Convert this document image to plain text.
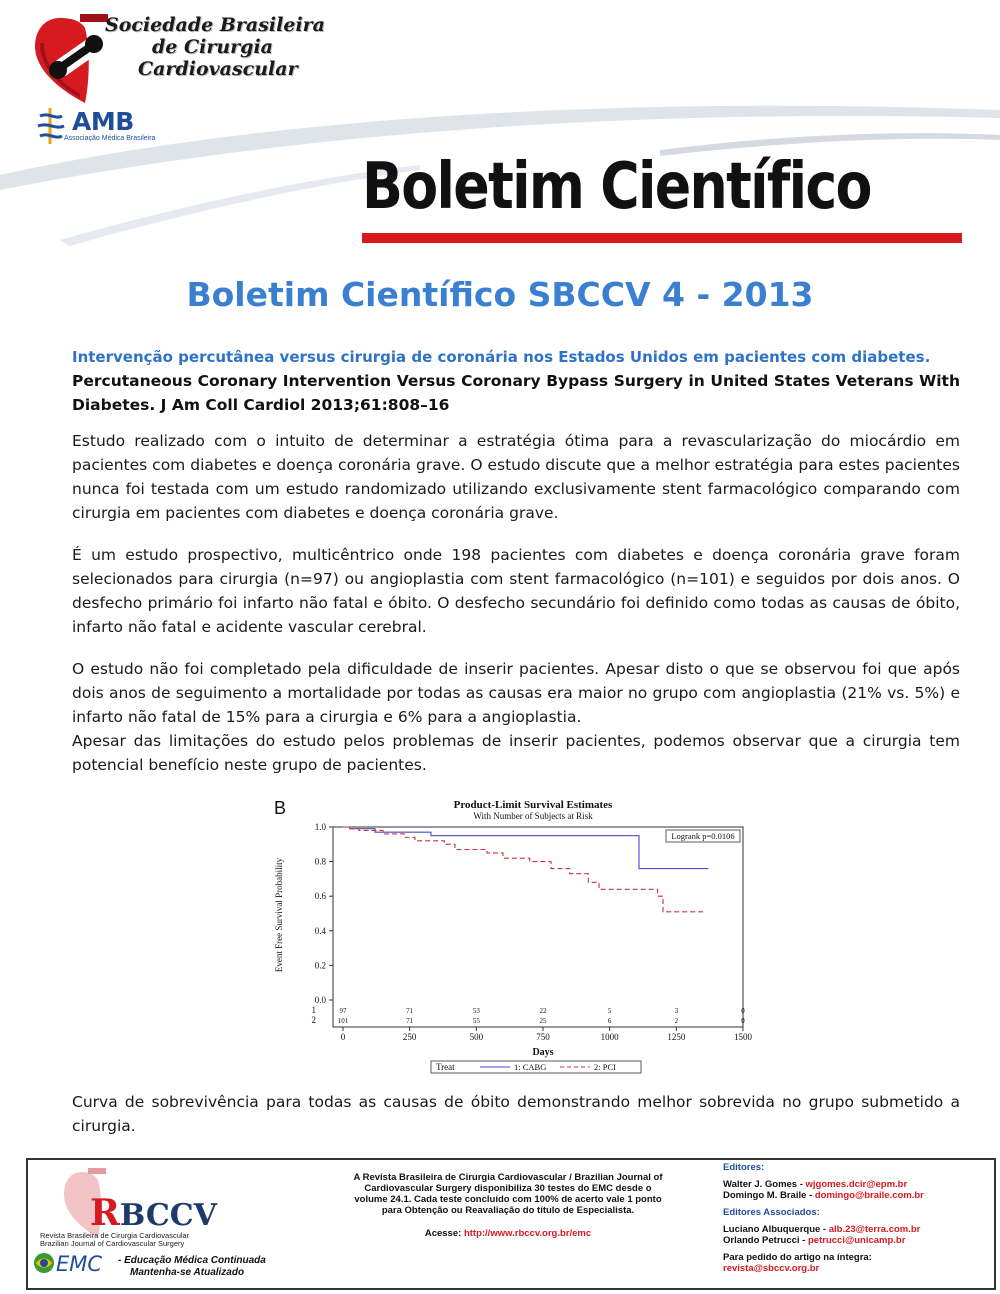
Sociedade Brasileira
de Cirurgia
Cardiovascular
AMB
Associação Médica Brasileira
Boletim Científico
Boletim Científico SBCCV 4 - 2013
Intervenção percutânea versus cirurgia de coronária nos Estados Unidos em pacientes com diabetes.
Percutaneous Coronary Intervention Versus Coronary Bypass Surgery in United States Veterans With Diabetes. J Am Coll Cardiol 2013;61:808–16

Estudo realizado com o intuito de determinar a estratégia ótima para a revascularização do miocárdio em pacientes com diabetes e doença coronária grave. O estudo discute que a melhor estratégia para estes pacientes nunca foi testada com um estudo randomizado utilizando exclusivamente stent farmacológico comparando com cirurgia em pacientes com diabetes e doença coronária grave.

É um estudo prospectivo, multicêntrico onde 198 pacientes com diabetes e doença coronária grave foram selecionados para cirurgia (n=97) ou angioplastia com stent farmacológico (n=101) e seguidos por dois anos. O desfecho primário foi infarto não fatal e óbito. O desfecho secundário foi definido como todas as causas de óbito, infarto não fatal e acidente vascular cerebral.

O estudo não foi completado pela dificuldade de inserir pacientes. Apesar disto o que se observou foi que após dois anos de seguimento a mortalidade por todas as causas era maior no grupo com angioplastia (21% vs. 5%) e infarto não fatal de 15% para a cirurgia e 6% para a angioplastia.

Apesar das limitações do estudo pelos problemas de inserir pacientes, podemos observar que a cirurgia tem potencial benefício neste grupo de pacientes.

B	Product-Limit Survival Estimates
With Number of Subjects at Risk
0.0
0.2
0.4
0.6
0.8
1.0
1
2
0	250	500	750	1000	1250	1500
Days
Event Free Survival Probability
97	71	53	22	5	3	0
101	71	55	25	6	2	0
Logrank p=0.0106
Treat	1: CABG	2: PCI

Curva de sobrevivência para todas as causas de óbito demonstrando melhor sobrevida no grupo submetido a cirurgia.

RBCCV
Revista Brasileira de Cirurgia Cardiovascular
Brazilian Journal of Cardiovascular Surgery
EMC - Educação Médica Continuada
Mantenha-se Atualizado
A Revista Brasileira de Cirurgia Cardiovascular / Brazilian Journal of Cardiovascular Surgery disponibiliza 30 testes do EMC desde o volume 24.1. Cada teste concluído com 100% de acerto vale 1 ponto para Obtenção ou Reavaliação do título de Especialista.
Acesse: http://www.rbccv.org.br/emc
Editores:
Walter J. Gomes - wjgomes.dcir@epm.br
Domingo M. Braile - domingo@braile.com.br
Editores Associados:
Luciano Albuquerque - alb.23@terra.com.br
Orlando Petrucci - petrucci@unicamp.br
Para pedido do artigo na íntegra:
revista@sbccv.org.br
